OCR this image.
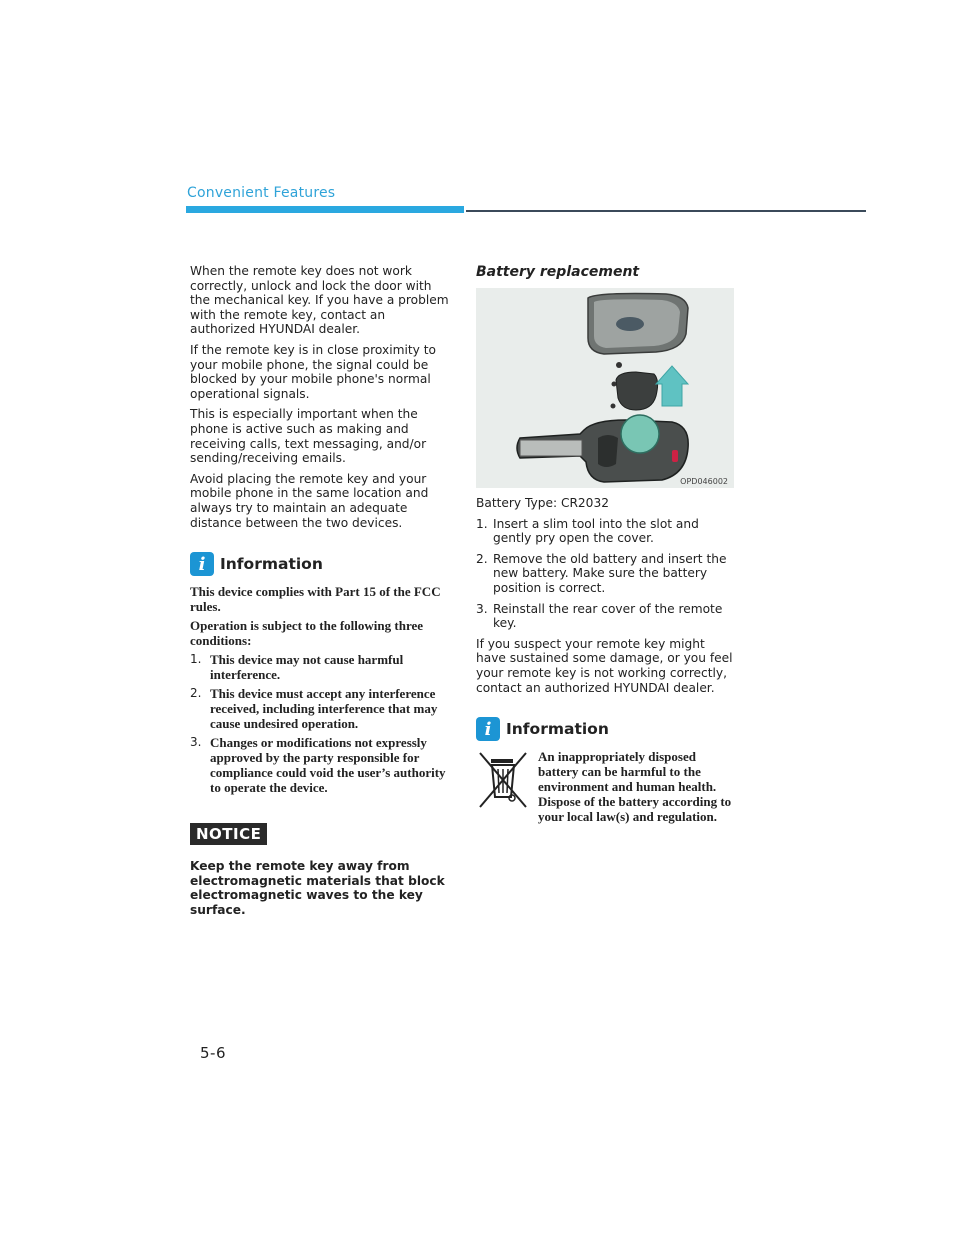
Convenient Features

When the remote key does not work correctly, unlock and lock the door with the mechanical key. If you have a problem with the remote key, contact an authorized HYUNDAI dealer.

If the remote key is in close proximity to your mobile phone, the signal could be blocked by your mobile phone's normal operational signals.

This is especially important when the phone is active such as making and receiving calls, text messaging, and/or sending/receiving emails.

Avoid placing the remote key and your mobile phone in the same location and always try to maintain an adequate distance between the two devices.

i Information

This device complies with Part 15 of the FCC rules.

Operation is subject to the following three conditions:

1. This device may not cause harmful interference.
2. This device must accept any interference received, including interference that may cause undesired operation.
3. Changes or modifications not expressly approved by the party responsible for compliance could void the user’s authority to operate the device.
NOTICE
Keep the remote key away from electromagnetic materials that block electromagnetic waves to the key surface.
Battery replacement
OPD046002

Battery Type: CR2032

1. Insert a slim tool into the slot and gently pry open the cover.
2. Remove the old battery and insert the new battery. Make sure the battery position is correct.
3. Reinstall the rear cover of the remote key.

If you suspect your remote key might have sustained some damage, or you feel your remote key is not working correctly, contact an authorized HYUNDAI dealer.

i Information
An inappropriately disposed battery can be harmful to the environment and human health. Dispose of the battery according to your local law(s) and regulation.
5-6
